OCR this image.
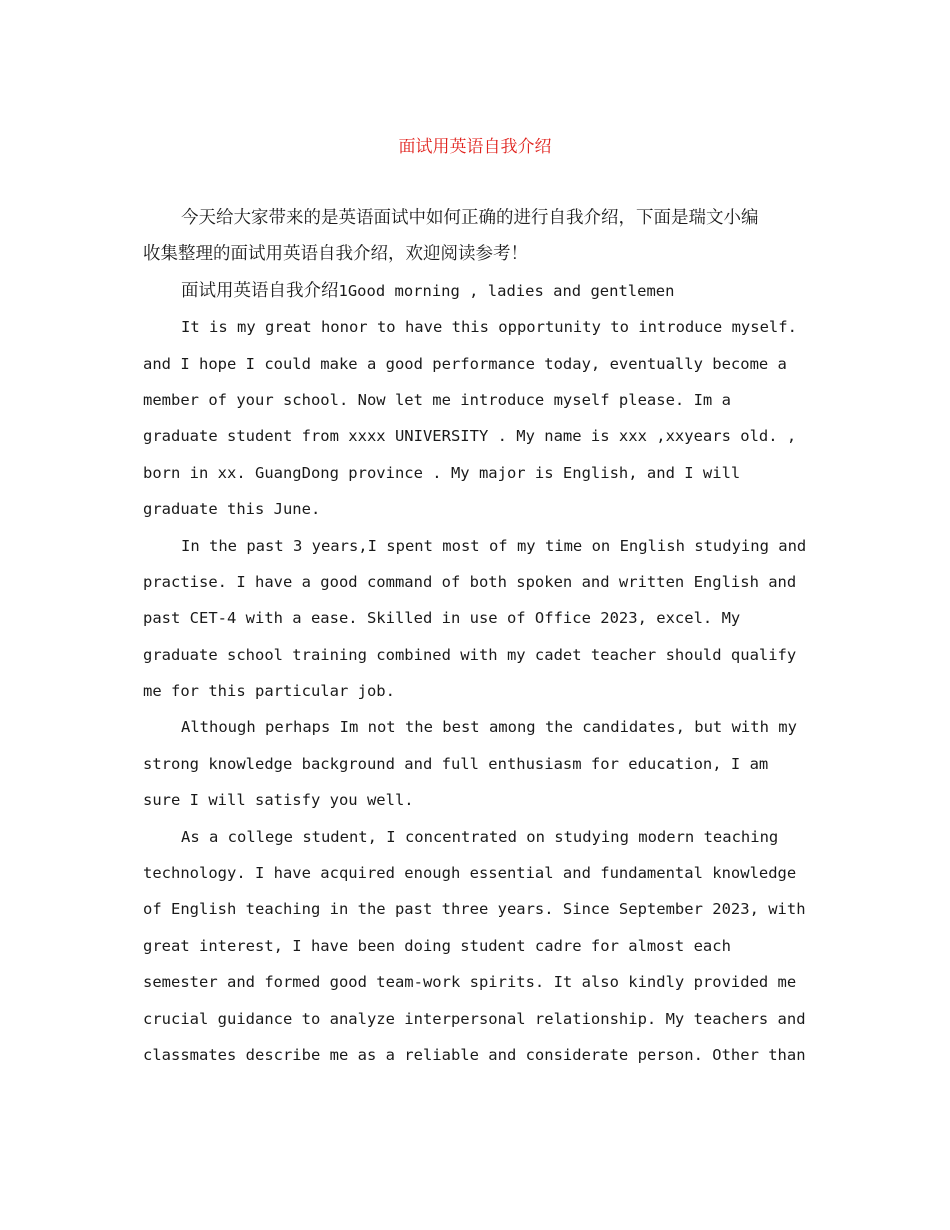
面试用英语自我介绍
今天给大家带来的是英语面试中如何正确的进行自我介绍，下面是瑞文小编
收集整理的面试用英语自我介绍，欢迎阅读参考！
面试用英语自我介绍1Good morning , ladies and gentlemen
It is my great honor to have this opportunity to introduce myself.
and I hope I could make a good performance today, eventually become a
member of your school. Now let me introduce myself please. Im a
graduate student from xxxx UNIVERSITY . My name is xxx ,xxyears old. ,
born in xx. GuangDong province . My major is English, and I will
graduate this June.
In the past 3 years,I spent most of my time on English studying and
practise. I have a good command of both spoken and written English and
past CET-4 with a ease. Skilled in use of Office 2023, excel. My
graduate school training combined with my cadet teacher should qualify
me for this particular job.
Although perhaps Im not the best among the candidates, but with my
strong knowledge background and full enthusiasm for education, I am
sure I will satisfy you well.
As a college student, I concentrated on studying modern teaching
technology. I have acquired enough essential and fundamental knowledge
of English teaching in the past three years. Since September 2023, with
great interest, I have been doing student cadre for almost each
semester and formed good team-work spirits. It also kindly provided me
crucial guidance to analyze interpersonal relationship. My teachers and
classmates describe me as a reliable and considerate person. Other than
